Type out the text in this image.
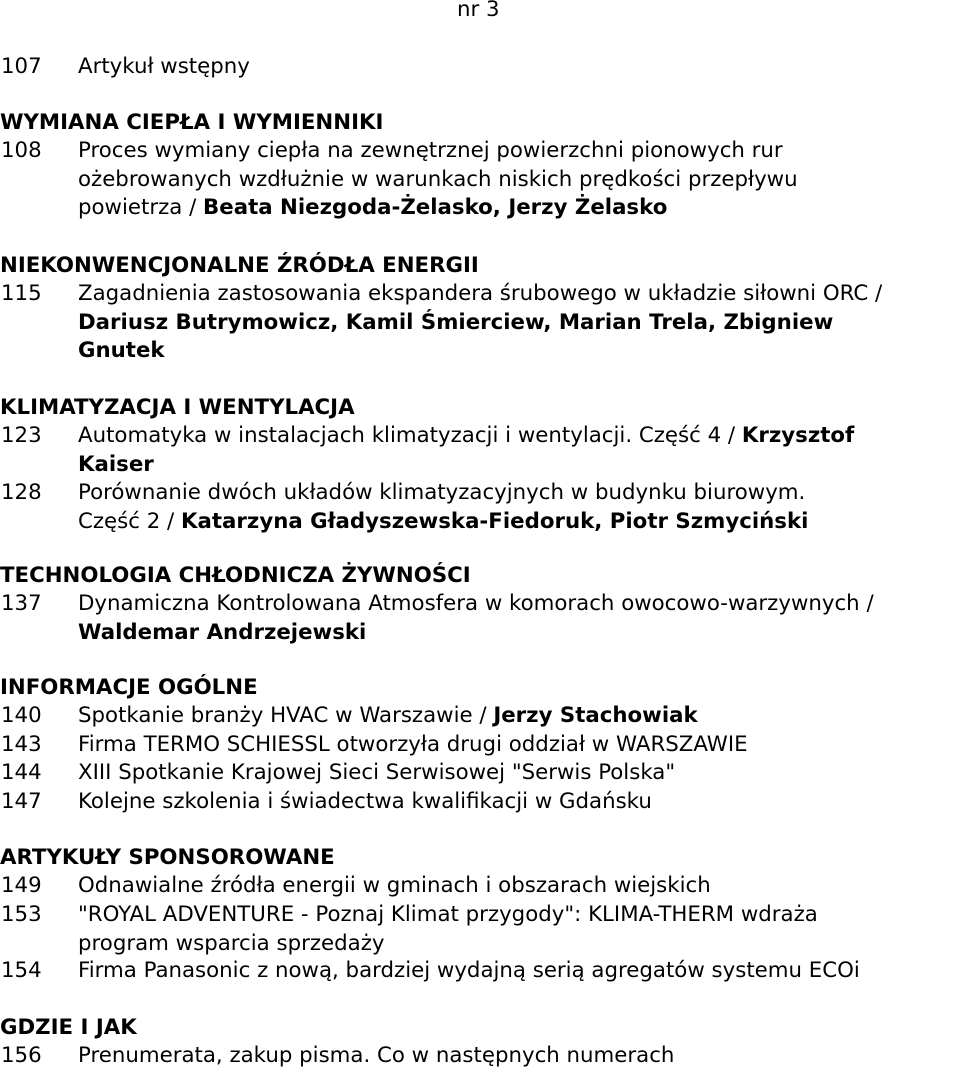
nr 3
107	Artykuł wstępny
WYMIANA CIEPŁA I WYMIENNIKI
108	Proces wymiany ciepła na zewnętrznej powierzchni pionowych rur
ożebrowanych wzdłużnie w warunkach niskich prędkości przepływu
powietrza / Beata Niezgoda-Żelasko, Jerzy Żelasko
NIEKONWENCJONALNE ŹRÓDŁA ENERGII
115	Zagadnienia zastosowania ekspandera śrubowego w układzie siłowni ORC /
Dariusz Butrymowicz, Kamil Śmierciew, Marian Trela, Zbigniew
Gnutek
KLIMATYZACJA I WENTYLACJA
123	Automatyka w instalacjach klimatyzacji i wentylacji. Część 4 / Krzysztof
Kaiser
128	Porównanie dwóch układów klimatyzacyjnych w budynku biurowym.
Część 2 / Katarzyna Gładyszewska-Fiedoruk, Piotr Szmyciński
TECHNOLOGIA CHŁODNICZA ŻYWNOŚCI
137	Dynamiczna Kontrolowana Atmosfera w komorach owocowo-warzywnych /
Waldemar Andrzejewski
INFORMACJE OGÓLNE
140	Spotkanie branży HVAC w Warszawie / Jerzy Stachowiak
143	Firma TERMO SCHIESSL otworzyła drugi oddział w WARSZAWIE
144	XIII Spotkanie Krajowej Sieci Serwisowej "Serwis Polska"
147	Kolejne szkolenia i świadectwa kwalifikacji w Gdańsku
ARTYKUŁY SPONSOROWANE
149	Odnawialne źródła energii w gminach i obszarach wiejskich
153	"ROYAL ADVENTURE - Poznaj Klimat przygody": KLIMA-THERM wdraża
program wsparcia sprzedaży
154	Firma Panasonic z nową, bardziej wydajną serią agregatów systemu ECOi
GDZIE I JAK
156	Prenumerata, zakup pisma. Co w następnych numerach
